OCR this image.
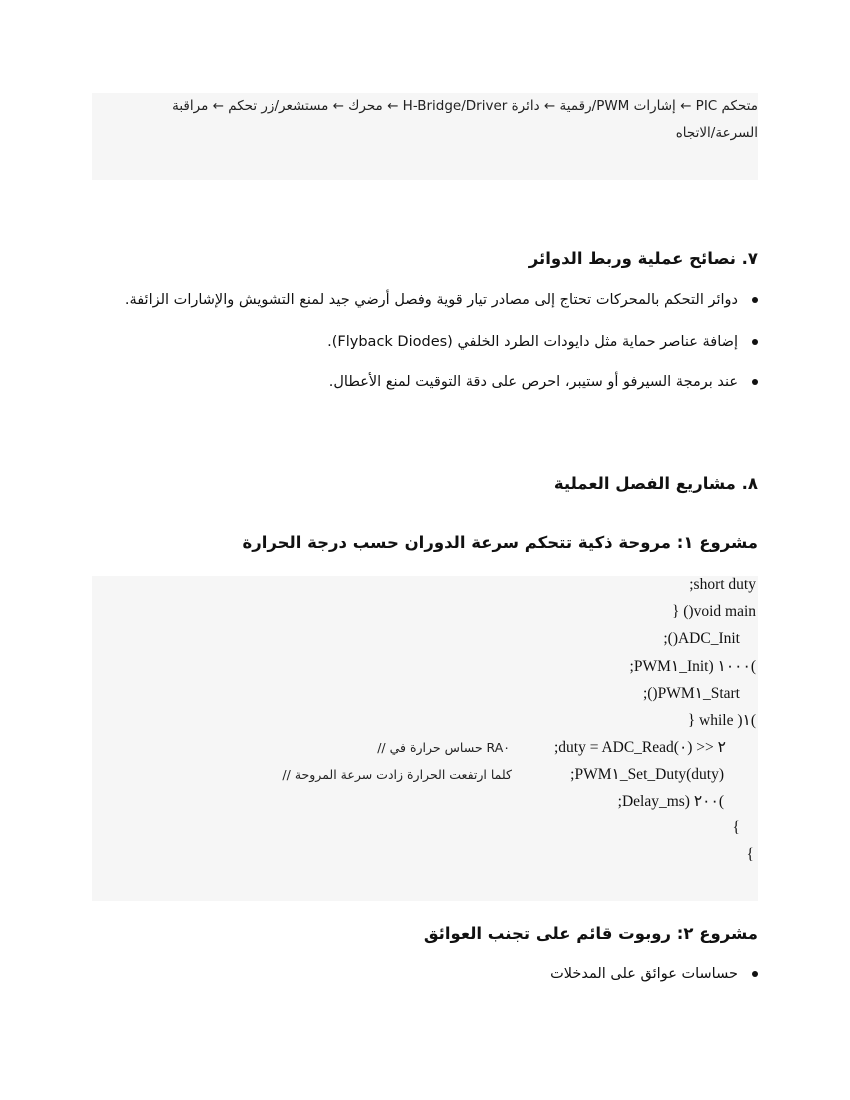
متحكم PIC ← إشارات PWM/رقمية ← دائرة H-Bridge/Driver ← محرك ← مستشعر/زر تحكم ← مراقبة السرعة/الاتجاه
٧. نصائح عملية وربط الدوائر
دوائر التحكم بالمحركات تحتاج إلى مصادر تيار قوية وفصل أرضي جيد لمنع التشويش والإشارات الزائفة.
إضافة عناصر حماية مثل دايودات الطرد الخلفي (Flyback Diodes).
عند برمجة السيرفو أو ستيبر، احرص على دقة التوقيت لمنع الأعطال.
٨. مشاريع الفصل العملية
مشروع ١: مروحة ذكية تتحكم سرعة الدوران حسب درجة الحرارة
;short duty
} ()void main
;()ADC_Init
;PWM١_Init) ١٠٠٠(
;()PWM١_Start
} while )١(
;duty = ADC_Read(٠) >> ٢
// حساس حرارة في RA٠
;PWM١_Set_Duty(duty)
// كلما ارتفعت الحرارة زادت سرعة المروحة
;Delay_ms) ٢٠٠(
{
{
مشروع ٢: روبوت قائم على تجنب العوائق
حساسات عوائق على المدخلات
